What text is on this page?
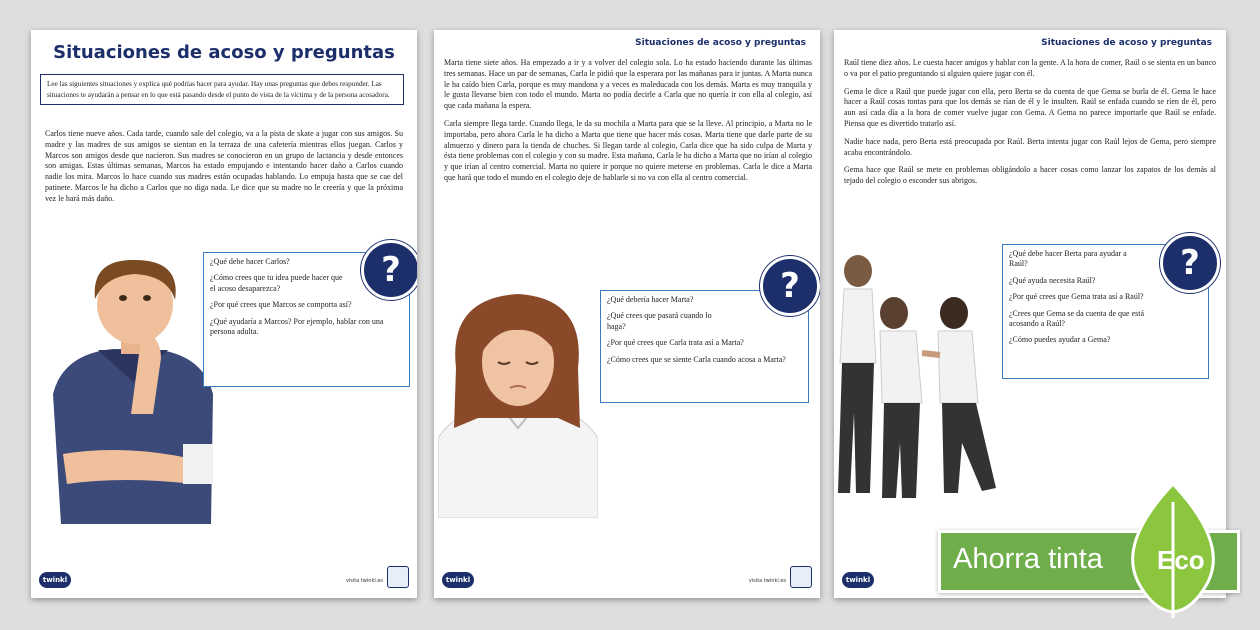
Situaciones de acoso y preguntas
Lee las siguientes situaciones y explica qué podrías hacer para ayudar. Hay unas preguntas que debes responder. Las situaciones te ayudarán a pensar en lo que está pasando desde el punto de vista de la víctima y de la persona acosadora.

Carlos tiene nueve años. Cada tarde, cuando sale del colegio, va a la pista de skate a jugar con sus amigos. Su madre y las madres de sus amigos se sientan en la terraza de una cafetería mientras ellos juegan. Carlos y Marcos son amigos desde que nacieron. Sus madres se conocieron en un grupo de lactancia y desde entonces son amigas. Estas últimas semanas, Marcos ha estado empujando e intentando hacer daño a Carlos cuando nadie los mira. Marcos lo hace cuando sus madres están ocupadas hablando. Lo empuja hasta que se cae del patinete. Marcos le ha dicho a Carlos que no diga nada. Le dice que su madre no le creería y que la próxima vez le hará más daño.

¿Qué debe hacer Carlos?
¿Cómo crees que tu idea puede hacer que el acoso desaparezca?
¿Por qué crees que Marcos se comporta así?
¿Qué ayudaría a Marcos? Por ejemplo, hablar con una persona adulta.
?
twinkl	visita twinkl.es
Situaciones de acoso y preguntas

Marta tiene siete años. Ha empezado a ir y a volver del colegio sola. Lo ha estado haciendo durante las últimas tres semanas. Hace un par de semanas, Carla le pidió que la esperara por las mañanas para ir juntas. A Marta nunca le ha caído bien Carla, porque es muy mandona y a veces es maleducada con los demás. Marta es muy tranquila y le gusta llevarse bien con todo el mundo. Marta no podía decirle a Carla que no quería ir con ella al colegio, así que cada mañana la espera.

Carla siempre llega tarde. Cuando llega, le da su mochila a Marta para que se la lleve. Al principio, a Marta no le importaba, pero ahora Carla le ha dicho a Marta que tiene que hacer más cosas. Marta tiene que darle parte de su almuerzo y dinero para la tienda de chuches. Si llegan tarde al colegio, Carla dice que ha sido culpa de Marta y ésta tiene problemas con el colegio y con su madre. Esta mañana, Carla le ha dicho a Marta que no irían al colegio y que irían al centro comercial. Marta no quiere ir porque no quiere meterse en problemas. Carla le dice a Marta que hará que todo el mundo en el colegio deje de hablarle si no va con ella al centro comercial.

¿Qué debería hacer Marta?
¿Qué crees que pasará cuando lo haga?
¿Por qué crees que Carla trata así a Marta?
¿Cómo crees que se siente Carla cuando acosa a Marta?
?
twinkl	visita twinkl.es
Situaciones de acoso y preguntas

Raúl tiene diez años. Le cuesta hacer amigos y hablar con la gente. A la hora de comer, Raúl o se sienta en un banco o va por el patio preguntando si alguien quiere jugar con él.

Gema le dice a Raúl que puede jugar con ella, pero Berta se da cuenta de que Gema se burla de él. Gema le hace hacer a Raúl cosas tontas para que los demás se rían de él y le insulten. Raúl se enfada cuando se ríen de él, pero aun así cada día a la hora de comer vuelve jugar con Gema. A Gema no parece importarle que Raúl se enfade. Piensa que es divertido tratarlo así.

Nadie hace nada, pero Berta está preocupada por Raúl. Berta intenta jugar con Raúl lejos de Gema, pero siempre acaba encontrándolo.

Gema hace que Raúl se mete en problemas obligándolo a hacer cosas como lanzar los zapatos de los demás al tejado del colegio o esconder sus abrigos.

¿Qué debe hacer Berta para ayudar a Raúl?
¿Qué ayuda necesita Raúl?
¿Por qué crees que Gema trata así a Raúl?
¿Crees que Gema se da cuenta de que está acosando a Raúl?
¿Cómo puedes ayudar a Gema?
?
twinkl
Ahorra tinta Eco
